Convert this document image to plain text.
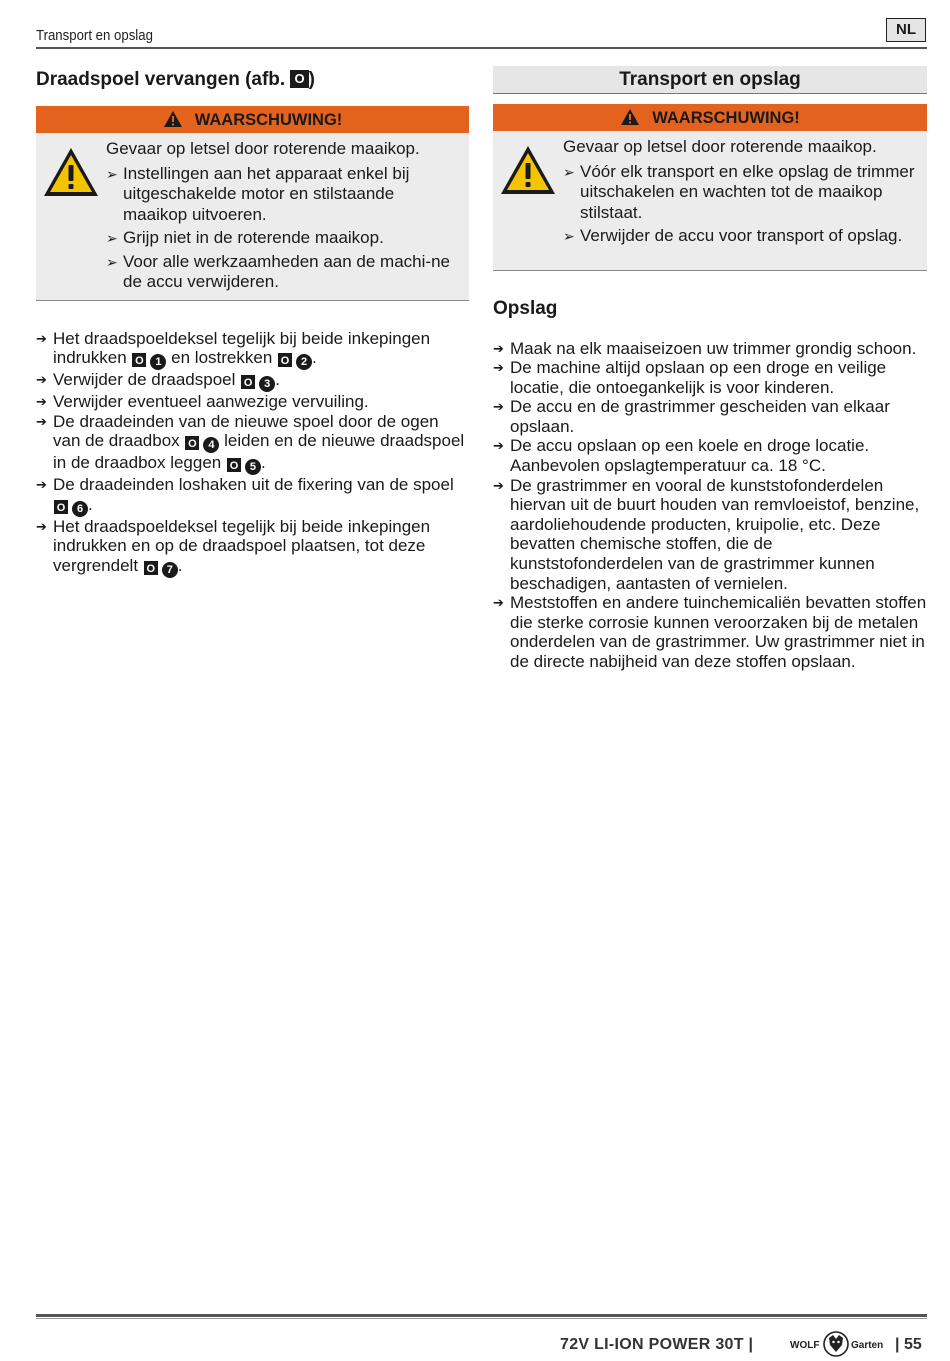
Transport en opslag	NL
Draadspoel vervangen (afb. O )
WAARSCHUWING!

Gevaar op letsel door roterende maaikop.

➢ Instellingen aan het apparaat enkel bij uitgeschakelde motor en stilstaande maaikop uitvoeren.
➢ Grijp niet in de roterende maaikop.
➢ Voor alle werkzaamheden aan de machi-ne de accu verwijderen.
➔ Het draadspoeldeksel tegelijk bij beide inkepingen indrukken O 1 en lostrekken O 2 .
➔ Verwijder de draadspoel O 3 .
➔ Verwijder eventueel aanwezige vervuiling.
➔ De draadeinden van de nieuwe spoel door de ogen van de draadbox O 4 leiden en de nieuwe draadspoel in de draadbox leggen O 5 .
➔ De draadeinden loshaken uit de fixering van de spoel O 6 .
➔ Het draadspoeldeksel tegelijk bij beide inkepingen indrukken en op de draadspoel plaatsen, tot deze vergrendelt O 7 .
Transport en opslag
WAARSCHUWING!

Gevaar op letsel door roterende maaikop.

➢ Vóór elk transport en elke opslag de trimmer uitschakelen en wachten tot de maaikop stilstaat.
➢ Verwijder de accu voor transport of opslag.
Opslag
➔ Maak na elk maaiseizoen uw trimmer grondig schoon.
➔ De machine altijd opslaan op een droge en veilige locatie, die ontoegankelijk is voor kinderen.
➔ De accu en de grastrimmer gescheiden van elkaar opslaan.
➔ De accu opslaan op een koele en droge locatie. Aanbevolen opslagtemperatuur ca. 18 °C.
➔ De grastrimmer en vooral de kunststofonderdelen hiervan uit de buurt houden van remvloeistof, benzine, aardoliehoudende producten, kruipolie, etc. Deze bevatten chemische stoffen, die de kunststofonderdelen van de grastrimmer kunnen beschadigen, aantasten of vernielen.
➔ Meststoffen en andere tuinchemicaliën bevatten stoffen die sterke corrosie kunnen veroorzaken bij de metalen onderdelen van de grastrimmer. Uw grastrimmer niet in de directe nabijheid van deze stoffen opslaan.
72V LI-ION POWER 30T |	WOLF	Garten | 55
